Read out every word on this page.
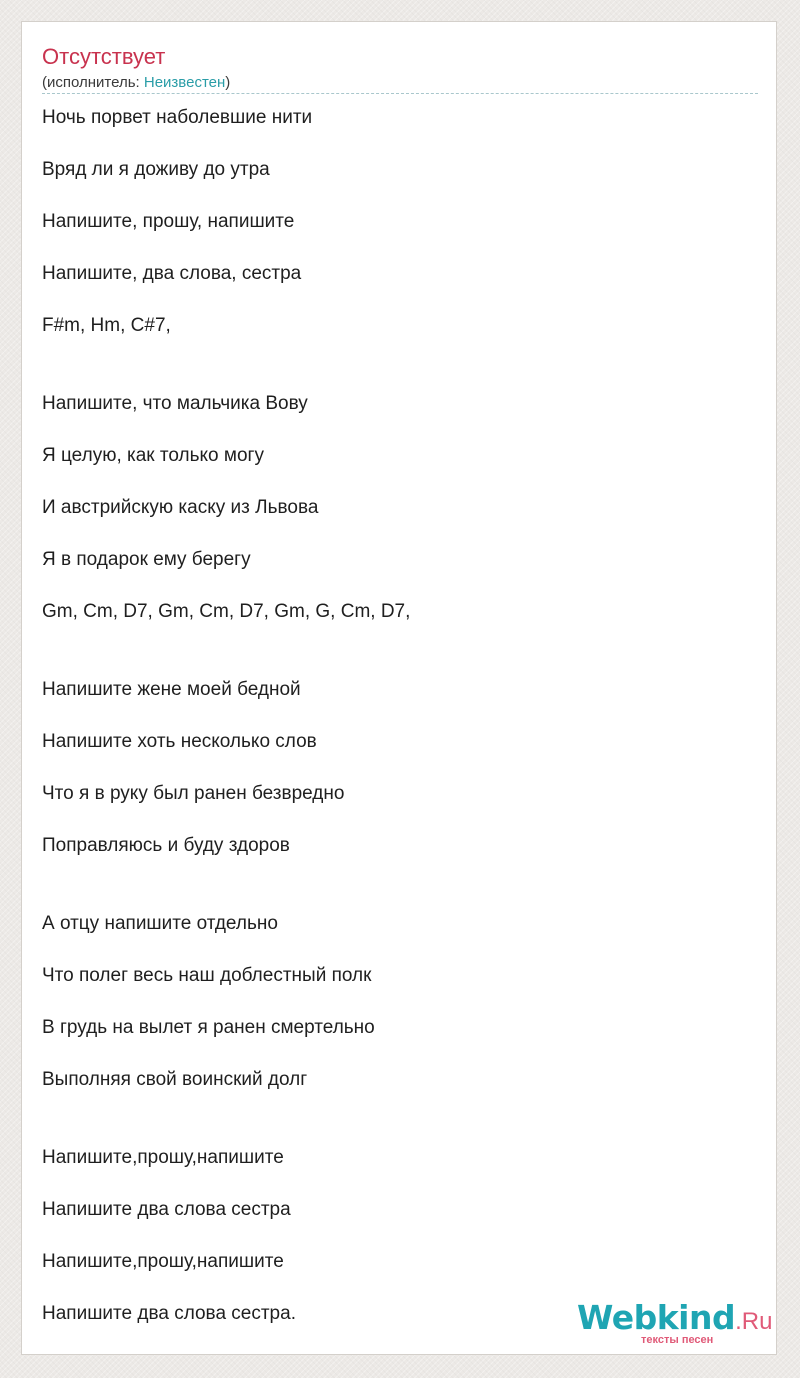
Отсутствует
(исполнитель: Неизвестен)
Ночь порвет наболевшие нити
Вряд ли я доживу до утра
Напишите, прошу, напишите
Напишите, два слова, сестра
F#m, Hm, C#7,
Напишите, что мальчика Вову
Я целую, как только могу
И австрийскую каску из Львова
Я в подарок ему берегу
Gm, Cm, D7, Gm, Cm, D7, Gm, G, Cm, D7,
Напишите жене моей бедной
Напишите хоть несколько слов
Что я в руку был ранен безвредно
Поправляюсь и буду здоров
А отцу напишите отдельно
Что полег весь наш доблестный полк
В грудь на вылет я ранен смертельно
Выполняя свой воинский долг
Напишите,прошу,напишите
Напишите два слова сестра
Напишите,прошу,напишите
Напишите два слова сестра.	Webkind.Ru
тексты песен
